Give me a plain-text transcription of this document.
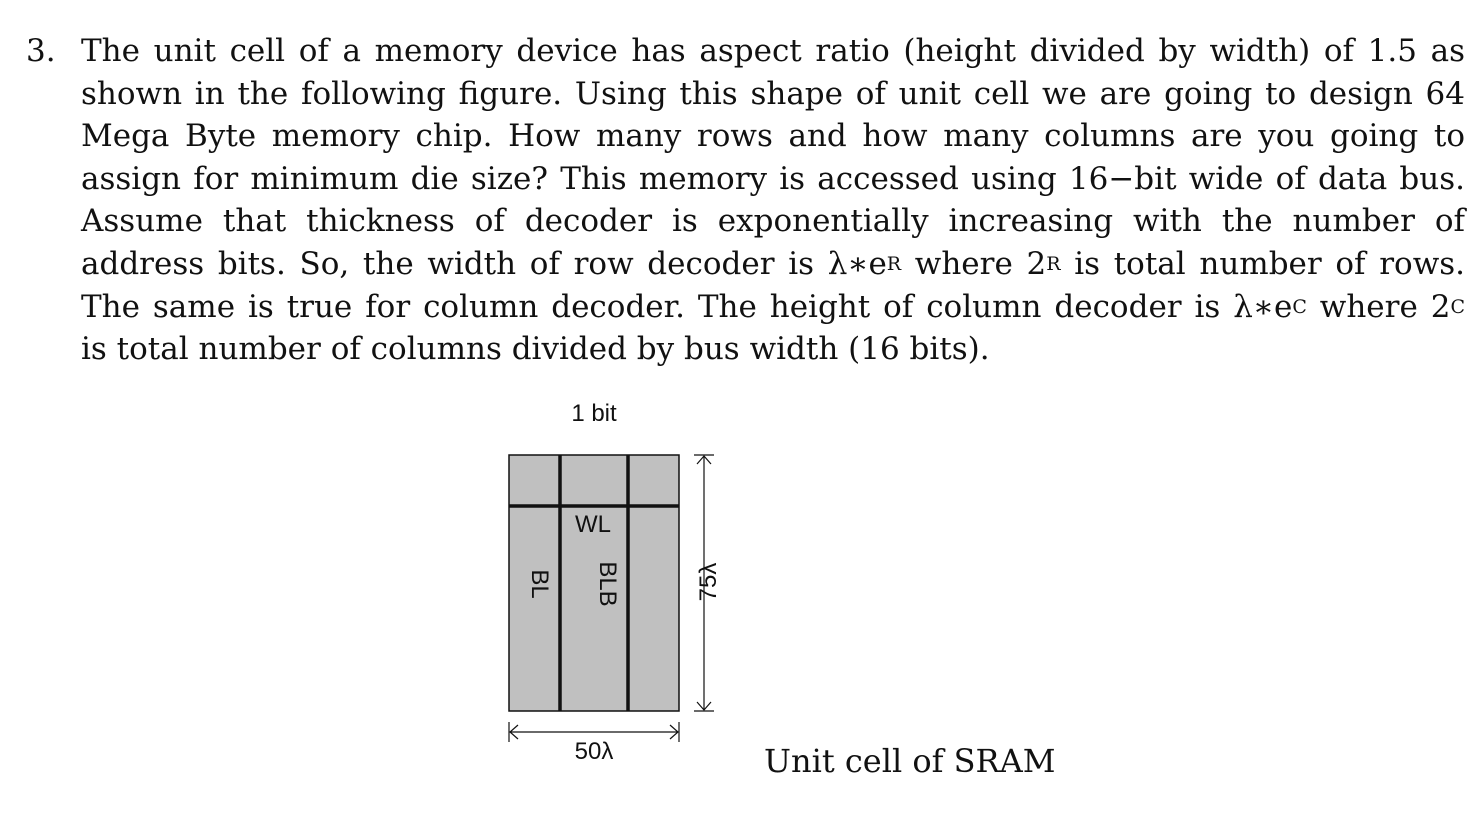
3. The unit cell of a memory device has aspect ratio (height divided by width) of 1.5 as
shown in the following figure. Using this shape of unit cell we are going to design 64
Mega Byte memory chip. How many rows and how many columns are you going to
assign for minimum die size? This memory is accessed using 16−bit wide of data bus.
Assume that thickness of decoder is exponentially increasing with the number of
address bits. So, the width of row decoder is $\lambda∗e^R$ where $2^R$ is total number of rows.
The same is true for column decoder. The height of column decoder is $\lambda∗e^C$ where $2^C$
is total number of columns divided by bus width (16 bits).
1 bit
WL
BL BLB	75λ
50λ	Unit cell of SRAM
